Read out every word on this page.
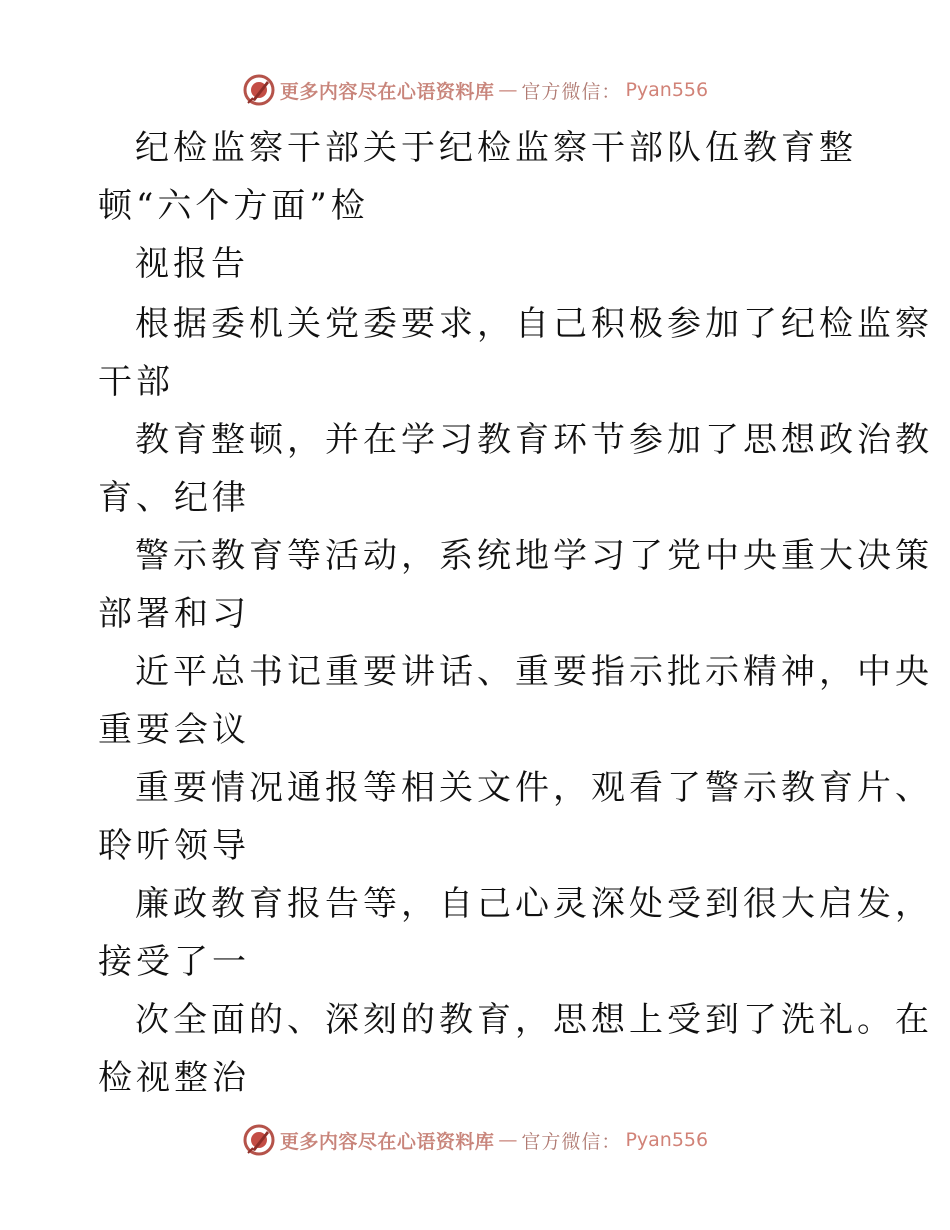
更多内容尽在心语资料库 — 官方微信： Pyan556
纪检监察干部关于纪检监察干部队伍教育整
顿“六个方面”检
视报告
根据委机关党委要求，自己积极参加了纪检监察
干部
教育整顿，并在学习教育环节参加了思想政治教
育、纪律
警示教育等活动，系统地学习了党中央重大决策
部署和习
近平总书记重要讲话、重要指示批示精神，中央
重要会议
重要情况通报等相关文件，观看了警示教育片、
聆听领导
廉政教育报告等，自己心灵深处受到很大启发，
接受了一
次全面的、深刻的教育，思想上受到了洗礼。在
检视整治
更多内容尽在心语资料库 — 官方微信： Pyan556
